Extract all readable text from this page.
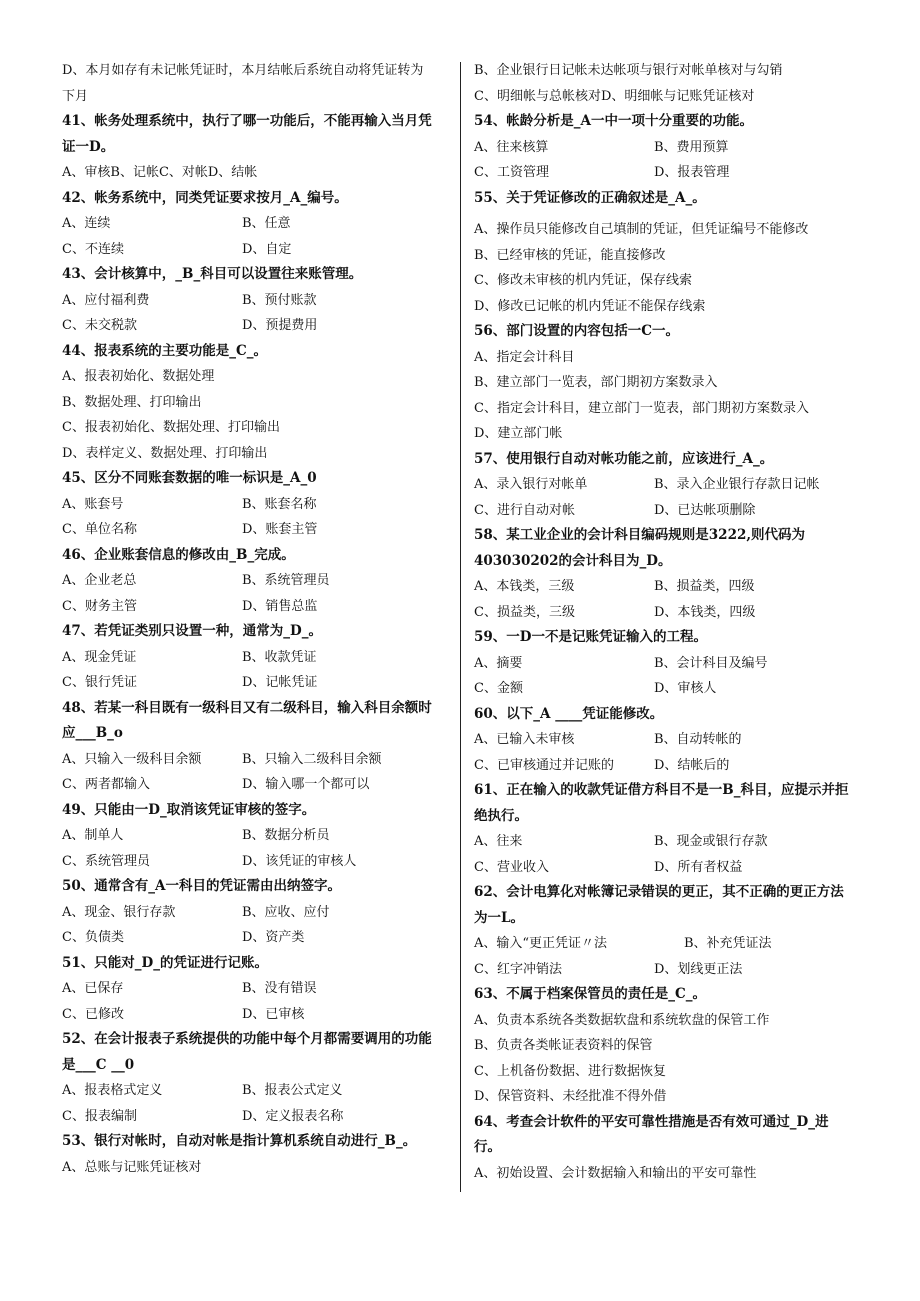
D、本月如存有未记帐凭证时，本月结帐后系统自动将凭证转为
下月
41、帐务处理系统中，执行了哪一功能后，不能再输入当月凭
证一D。
A、审核B、记帐C、对帐D、结帐
42、帐务系统中，同类凭证要求按月_A_编号。
A、连续	B、任意
C、不连续	D、自定
43、会计核算中，_B_科目可以设置往来账管理。
A、应付福利费	B、预付账款
C、未交税款	D、预提费用
44、报表系统的主要功能是_C_。
A、报表初始化、数据处理
B、数据处理、打印输出
C、报表初始化、数据处理、打印输出
D、表样定义、数据处理、打印输出
45、区分不同账套数据的唯一标识是_A_0
A、账套号	B、账套名称
C、单位名称	D、账套主管
46、企业账套信息的修改由_B_完成。
A、企业老总	B、系统管理员
C、财务主管	D、销售总监
47、若凭证类别只设置一种，通常为_D_。
A、现金凭证	B、收款凭证
C、银行凭证	D、记帐凭证
48、若某一科目既有一级科目又有二级科目，输入科目余额时
应___B_o
A、只输入一级科目余额	B、只输入二级科目余额
C、两者都输入	D、输入哪一个都可以
49、只能由一D_取消该凭证审核的签字。
A、制单人	B、数据分析员
C、系统管理员	D、该凭证的审核人
50、通常含有_A一科目的凭证需由出纳签字。
A、现金、银行存款	B、应收、应付
C、负债类	D、资产类
51、只能对_D_的凭证进行记账。
A、已保存	B、没有错误
C、已修改	D、已审核
52、在会计报表子系统提供的功能中每个月都需要调用的功能
是___C __0
A、报表格式定义	B、报表公式定义
C、报表编制	D、定义报表名称
53、银行对帐时，自动对帐是指计算机系统自动进行_B_。
A、总账与记账凭证核对
B、企业银行日记帐未达帐项与银行对帐单核对与勾销
C、明细帐与总帐核对D、明细帐与记账凭证核对
54、帐龄分析是_A一中一项十分重要的功能。
A、往来核算	B、费用预算
C、工资管理	D、报表管理
55、关于凭证修改的正确叙述是_A_。
A、操作员只能修改自己填制的凭证，但凭证编号不能修改
B、已经审核的凭证，能直接修改
C、修改未审核的机内凭证，保存线索
D、修改已记帐的机内凭证不能保存线索
56、部门设置的内容包括一C一。
A、指定会计科目
B、建立部门一览表，部门期初方案数录入
C、指定会计科目，建立部门一览表，部门期初方案数录入
D、建立部门帐
57、使用银行自动对帐功能之前，应该进行_A_。
A、录入银行对帐单	B、录入企业银行存款日记帐
C、进行自动对帐	D、已达帐项删除
58、某工业企业的会计科目编码规则是3222,则代码为
403030202的会计科目为_D。
A、本钱类，三级	B、损益类，四级
C、损益类，三级	D、本钱类，四级
59、一D一不是记账凭证输入的工程。
A、摘要	B、会计科目及编号
C、金额	D、审核人
60、以下_A ____凭证能修改。
A、已输入未审核	B、自动转帐的
C、已审核通过并记账的	D、结帐后的
61、正在输入的收款凭证借方科目不是一B_科目，应提示并拒
绝执行。
A、往来	B、现金或银行存款
C、营业收入	D、所有者权益
62、会计电算化对帐簿记录错误的更正，其不正确的更正方法
为一L。
A、输入“更正凭证〃法	B、补充凭证法
C、红字冲销法	D、划线更正法
63、不属于档案保管员的责任是_C_。
A、负责本系统各类数据软盘和系统软盘的保管工作
B、负责各类帐证表资料的保管
C、上机备份数据、进行数据恢复
D、保管资料、未经批准不得外借
64、考查会计软件的平安可靠性措施是否有效可通过_D_进
行。
A、初始设置、会计数据输入和输出的平安可靠性
